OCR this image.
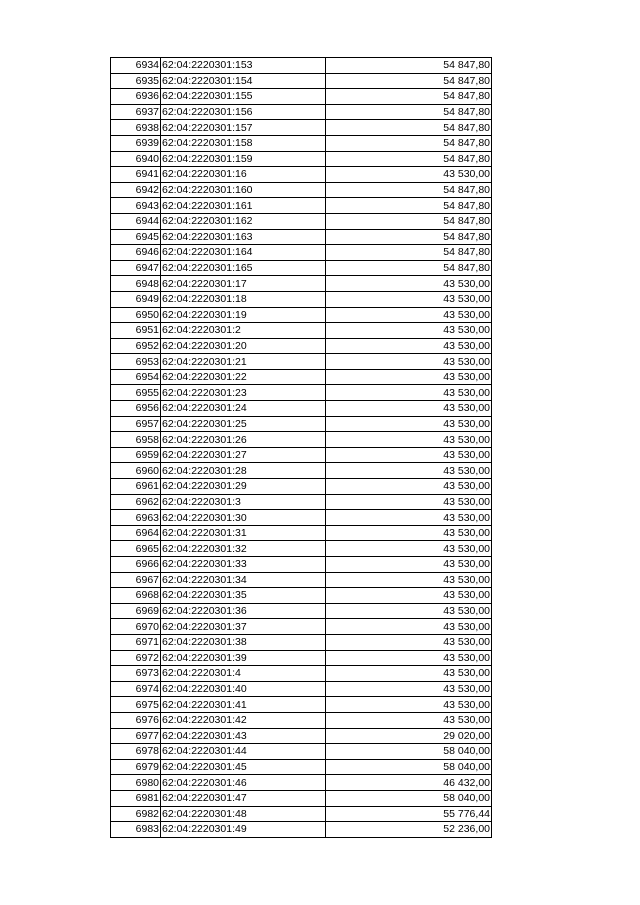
6934	62:04:2220301:153	54 847,80
6935	62:04:2220301:154	54 847,80
6936	62:04:2220301:155	54 847,80
6937	62:04:2220301:156	54 847,80
6938	62:04:2220301:157	54 847,80
6939	62:04:2220301:158	54 847,80
6940	62:04:2220301:159	54 847,80
6941	62:04:2220301:16	43 530,00
6942	62:04:2220301:160	54 847,80
6943	62:04:2220301:161	54 847,80
6944	62:04:2220301:162	54 847,80
6945	62:04:2220301:163	54 847,80
6946	62:04:2220301:164	54 847,80
6947	62:04:2220301:165	54 847,80
6948	62:04:2220301:17	43 530,00
6949	62:04:2220301:18	43 530,00
6950	62:04:2220301:19	43 530,00
6951	62:04:2220301:2	43 530,00
6952	62:04:2220301:20	43 530,00
6953	62:04:2220301:21	43 530,00
6954	62:04:2220301:22	43 530,00
6955	62:04:2220301:23	43 530,00
6956	62:04:2220301:24	43 530,00
6957	62:04:2220301:25	43 530,00
6958	62:04:2220301:26	43 530,00
6959	62:04:2220301:27	43 530,00
6960	62:04:2220301:28	43 530,00
6961	62:04:2220301:29	43 530,00
6962	62:04:2220301:3	43 530,00
6963	62:04:2220301:30	43 530,00
6964	62:04:2220301:31	43 530,00
6965	62:04:2220301:32	43 530,00
6966	62:04:2220301:33	43 530,00
6967	62:04:2220301:34	43 530,00
6968	62:04:2220301:35	43 530,00
6969	62:04:2220301:36	43 530,00
6970	62:04:2220301:37	43 530,00
6971	62:04:2220301:38	43 530,00
6972	62:04:2220301:39	43 530,00
6973	62:04:2220301:4	43 530,00
6974	62:04:2220301:40	43 530,00
6975	62:04:2220301:41	43 530,00
6976	62:04:2220301:42	43 530,00
6977	62:04:2220301:43	29 020,00
6978	62:04:2220301:44	58 040,00
6979	62:04:2220301:45	58 040,00
6980	62:04:2220301:46	46 432,00
6981	62:04:2220301:47	58 040,00
6982	62:04:2220301:48	55 776,44
6983	62:04:2220301:49	52 236,00
